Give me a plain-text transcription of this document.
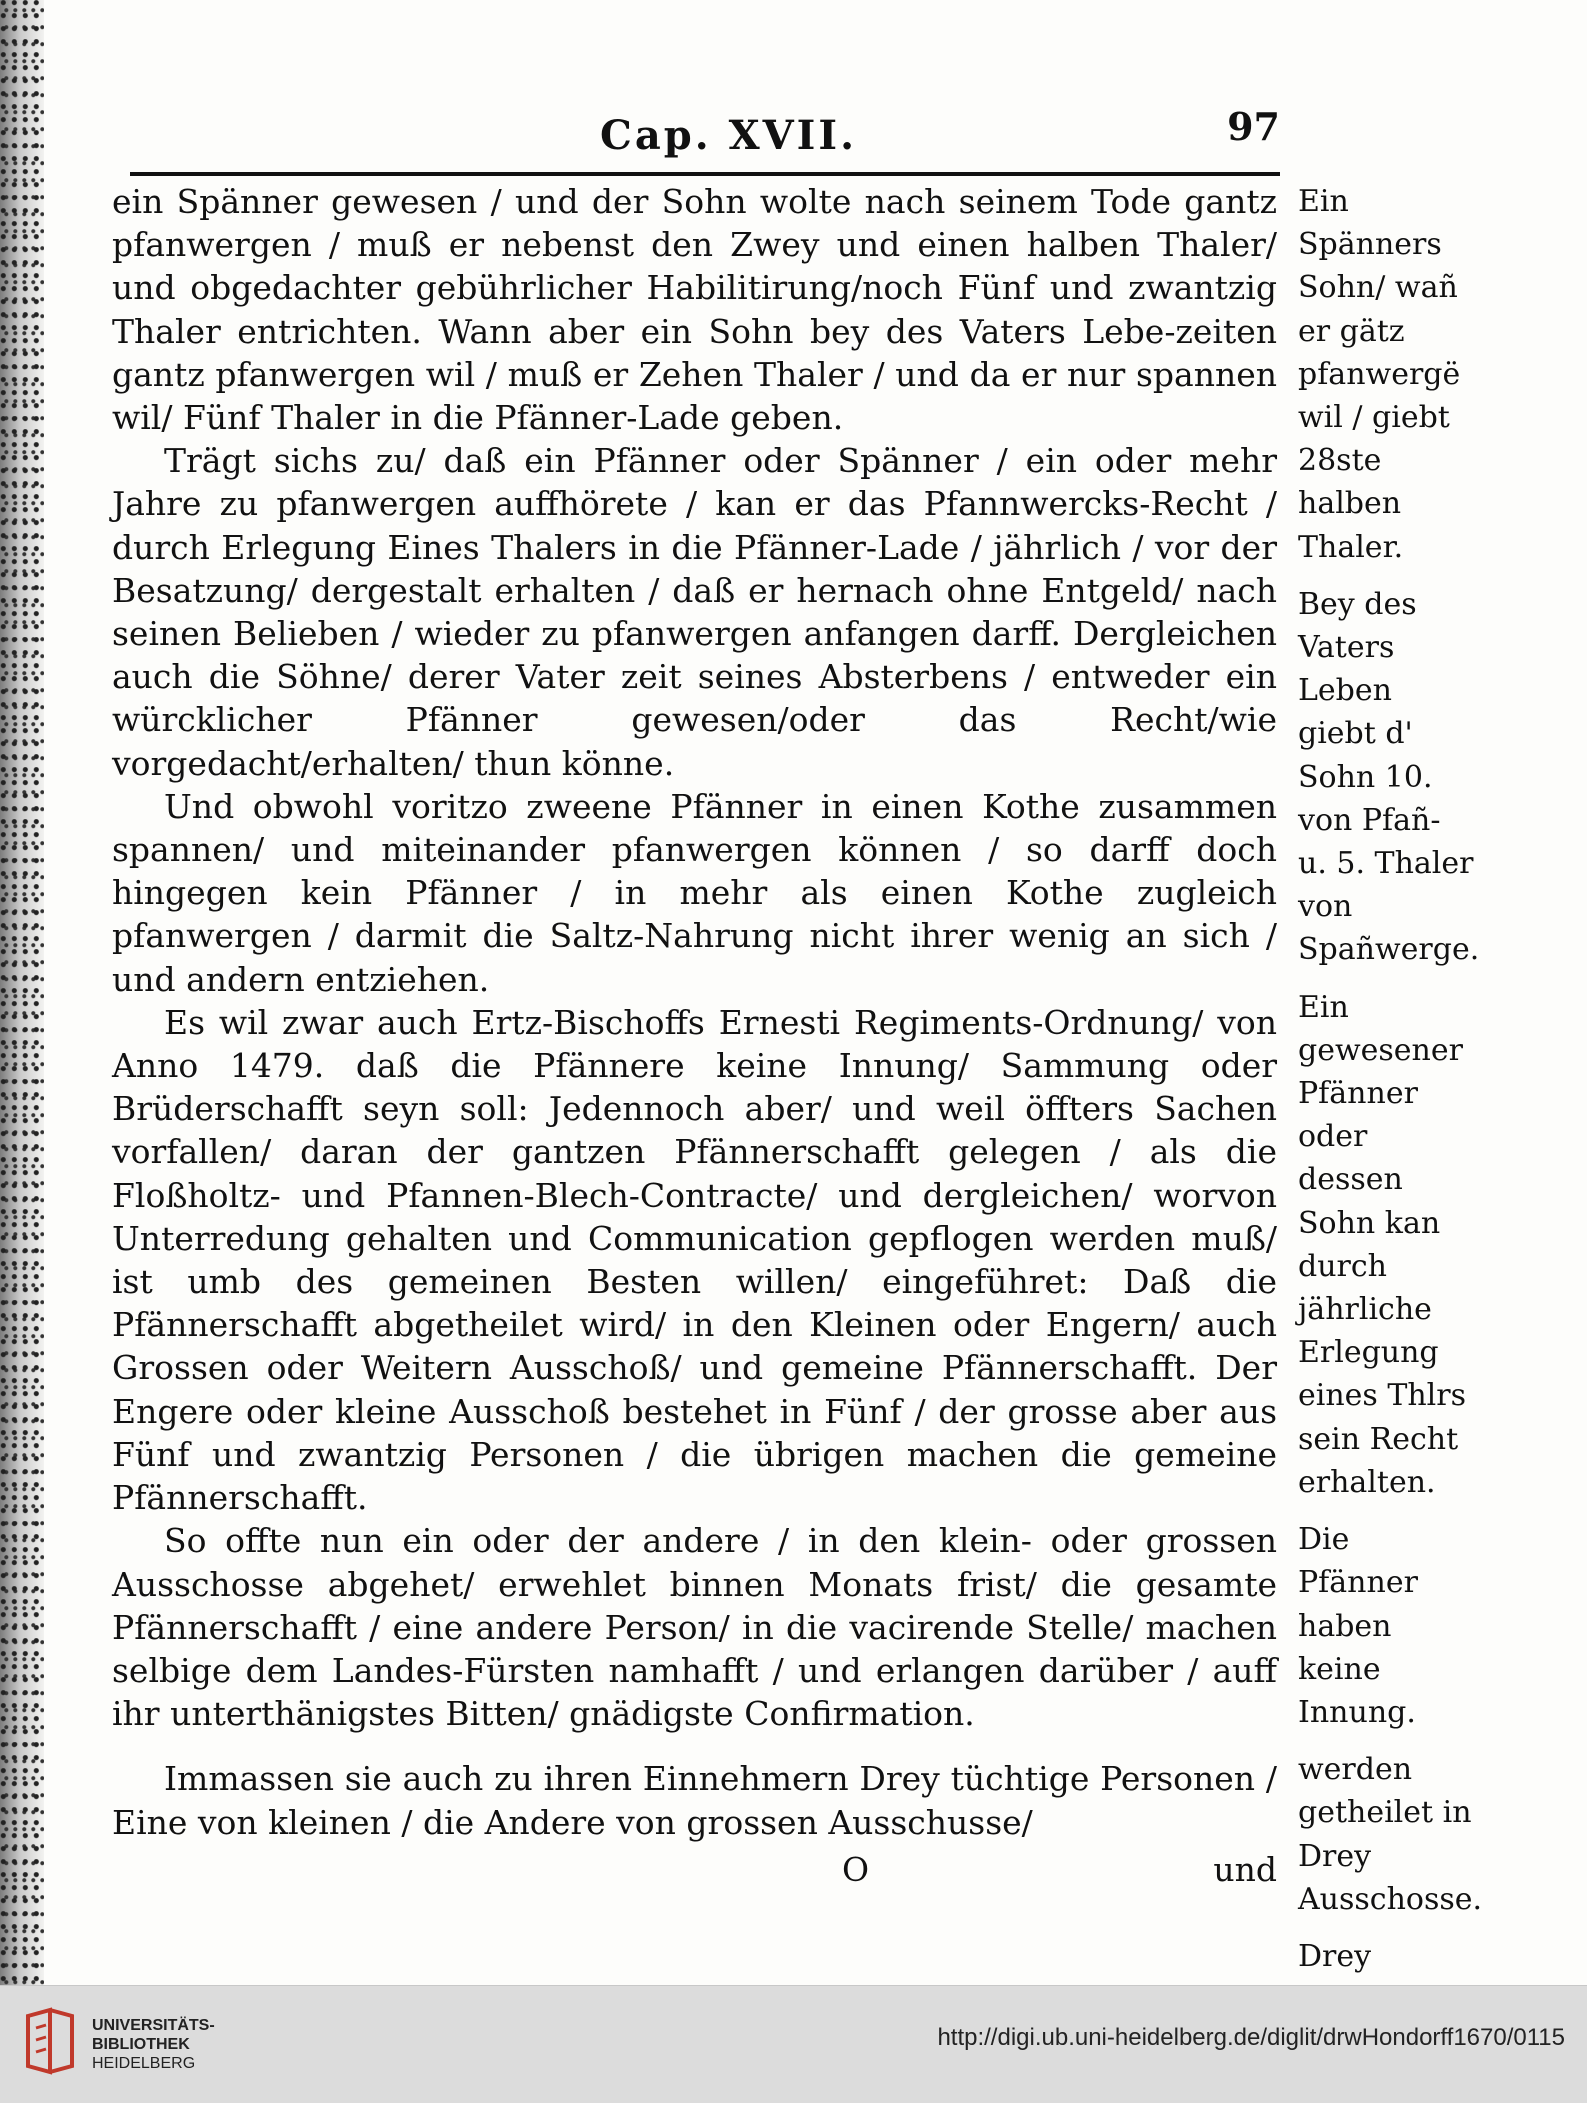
Cap. XVII.	97

ein Spänner gewesen / und der Sohn wolte nach seinem Tode gantz pfanwergen / muß er nebenst den Zwey und einen halben Thaler/ und obgedachter gebührlicher Habilitirung/noch Fünf und zwantzig Thaler entrichten. Wann aber ein Sohn bey des Vaters Lebe-zeiten gantz pfanwergen wil / muß er Zehen Thaler / und da er nur spannen wil/ Fünf Thaler in die Pfänner-Lade geben.

Trägt sichs zu/ daß ein Pfänner oder Spänner / ein oder mehr Jahre zu pfanwergen auffhörete / kan er das Pfannwercks-Recht / durch Erlegung Eines Thalers in die Pfänner-Lade / jährlich / vor der Besatzung/ dergestalt erhalten / daß er hernach ohne Entgeld/ nach seinen Belieben / wieder zu pfanwergen anfangen darff. Dergleichen auch die Söhne/ derer Vater zeit seines Absterbens / entweder ein würcklicher Pfänner gewesen/oder das Recht/wie vorgedacht/erhalten/ thun könne.

Und obwohl voritzo zweene Pfänner in einen Kothe zusammen spannen/ und miteinander pfanwergen können / so darff doch hingegen kein Pfänner / in mehr als einen Kothe zugleich pfanwergen / darmit die Saltz-Nahrung nicht ihrer wenig an sich / und andern entziehen.

Es wil zwar auch Ertz-Bischoffs Ernesti Regiments-Ordnung/ von Anno 1479. daß die Pfännere keine Innung/ Sammung oder Brüderschafft seyn soll: Jedennoch aber/ und weil öffters Sachen vorfallen/ daran der gantzen Pfännerschafft gelegen / als die Floßholtz- und Pfannen-Blech-Contracte/ und dergleichen/ worvon Unterredung gehalten und Communication gepflogen werden muß/ ist umb des gemeinen Besten willen/ eingeführet: Daß die Pfännerschafft abgetheilet wird/ in den Kleinen oder Engern/ auch Grossen oder Weitern Ausschoß/ und gemeine Pfännerschafft. Der Engere oder kleine Ausschoß bestehet in Fünf / der grosse aber aus Fünf und zwantzig Personen / die übrigen machen die gemeine Pfännerschafft.

So offte nun ein oder der andere / in den klein- oder grossen Ausschosse abgehet/ erwehlet binnen Monats frist/ die gesamte Pfännerschafft / eine andere Person/ in die vacirende Stelle/ machen selbige dem Landes-Fürsten namhafft / und erlangen darüber / auff ihr unterthänigstes Bitten/ gnädigste Confirmation.

Immassen sie auch zu ihren Einnehmern Drey tüchtige Personen / Eine von kleinen / die Andere von grossen Ausschusse/

O	und

Ein Spänners Sohn/ wañ er gätz pfanwergë wil / giebt 28ste halben Thaler.

Bey des Vaters Leben giebt d' Sohn 10. von Pfañ- u. 5. Thaler von Spañwerge.

Ein gewesener Pfänner oder dessen Sohn kan durch jährliche Erlegung eines Thlrs sein Recht erhalten.

Die Pfänner haben keine Innung.

werden getheilet in Drey Ausschosse.

Drey

UNIVERSITÄTS-
BIBLIOTHEK
HEIDELBERG
http://digi.ub.uni-heidelberg.de/diglit/drwHondorff1670/0115
